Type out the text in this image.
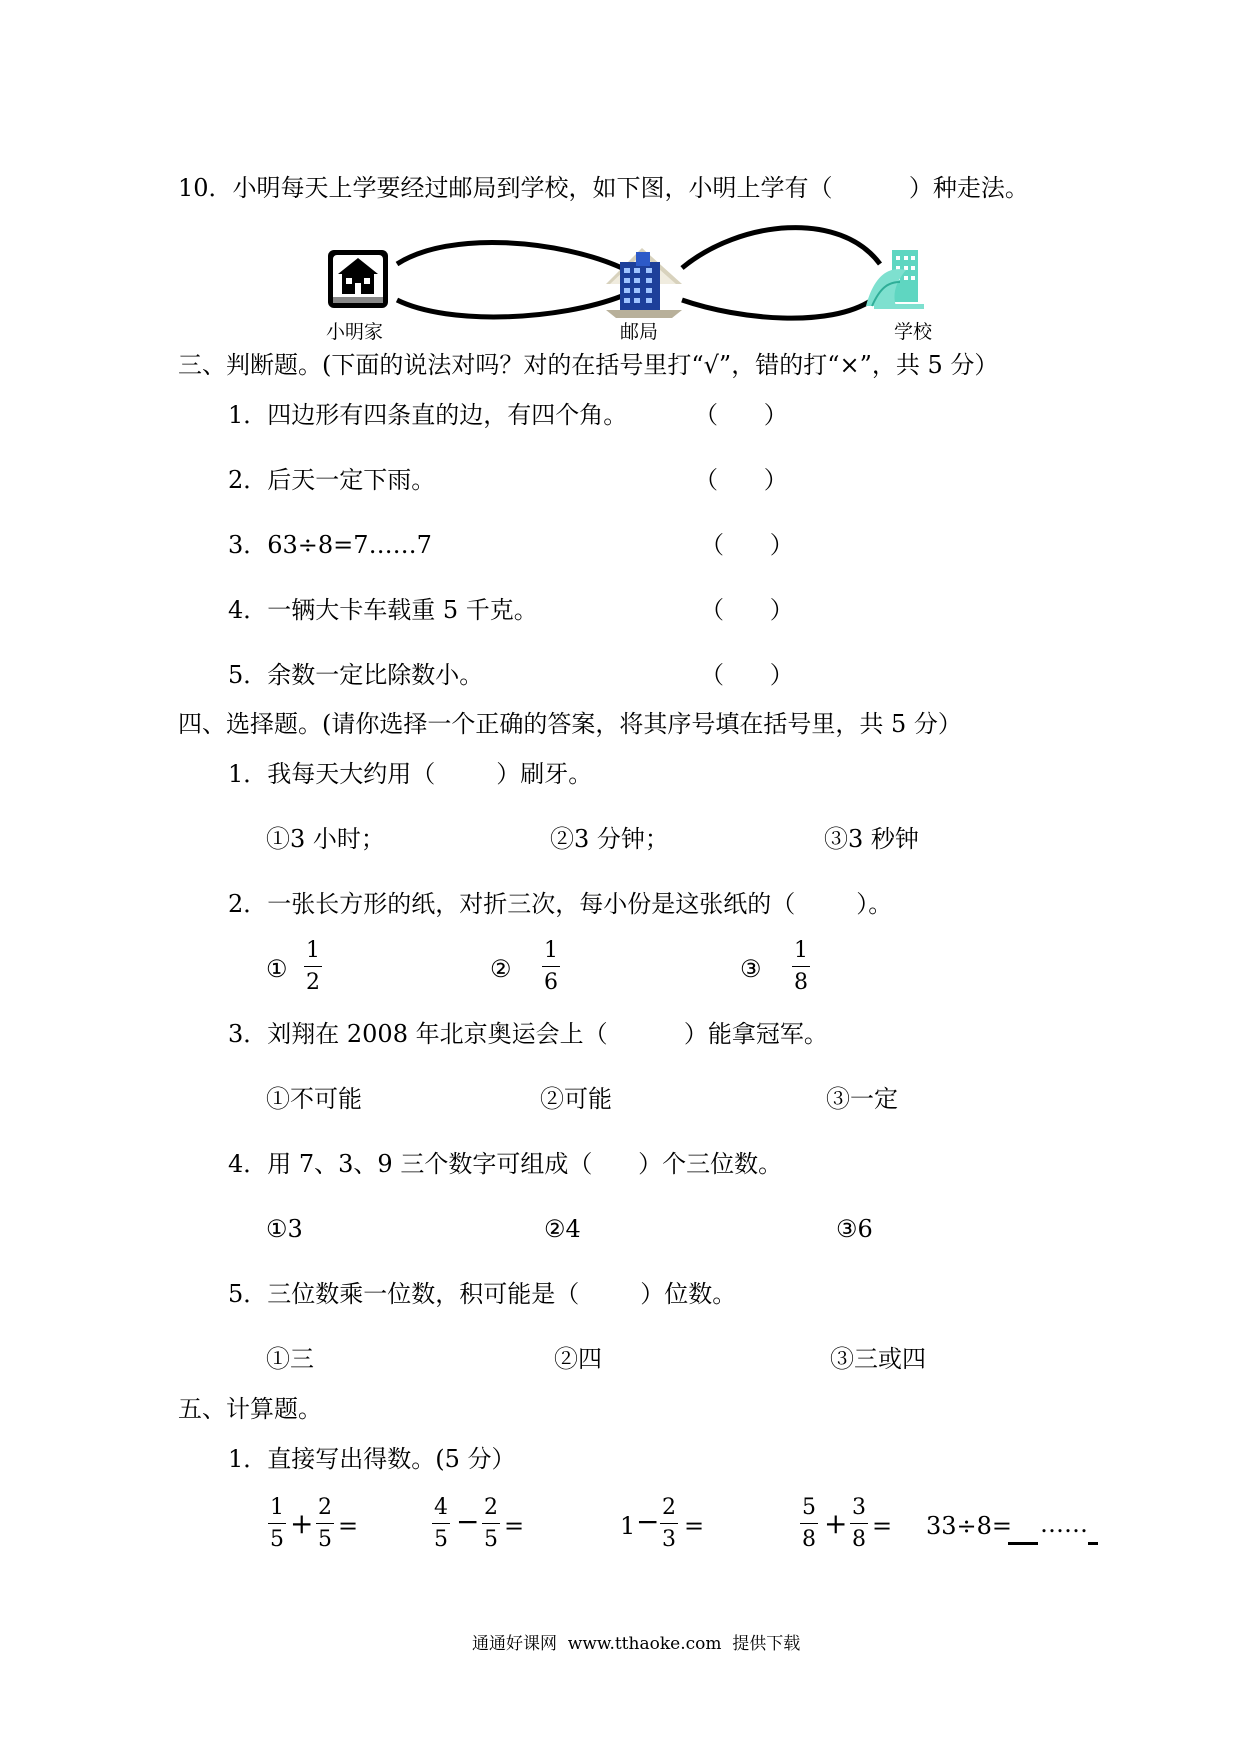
10．小明每天上学要经过邮局到学校，如下图，小明上学有（          ）种走法。
小明家	邮局	学校
三、判断题。(下面的说法对吗？对的在括号里打“√”，错的打“×”，共 5 分）
1．四边形有四条直的边，有四个角。	（      ）
2．后天一定下雨。	（      ）
3．63÷8=7……7	（      ）
4．一辆大卡车载重 5 千克。	（      ）
5．余数一定比除数小。	（      ）
四、选择题。(请你选择一个正确的答案，将其序号填在括号里，共 5 分）
1．我每天大约用（        ）刷牙。
①3 小时；	②3 分钟；	③3 秒钟
2．一张长方形的纸，对折三次，每小份是这张纸的（        ）。
①
1
2	②
1
6	③
1
8
3．刘翔在 2008 年北京奥运会上（          ）能拿冠军。
①不可能	②可能	③一定
4．用 7、3、9 三个数字可组成（      ）个三位数。
①3	②4	③6
5．三位数乘一位数，积可能是（        ）位数。
①三	②四	③三或四
五、计算题。
1．直接写出得数。(5 分）
1
5 + 2
5 =
4
5
− 2
5 =	1 − 2
3 =
5
8 + 3
8 = 33÷8= ……
通通好课网  www.tthaoke.com  提供下载
